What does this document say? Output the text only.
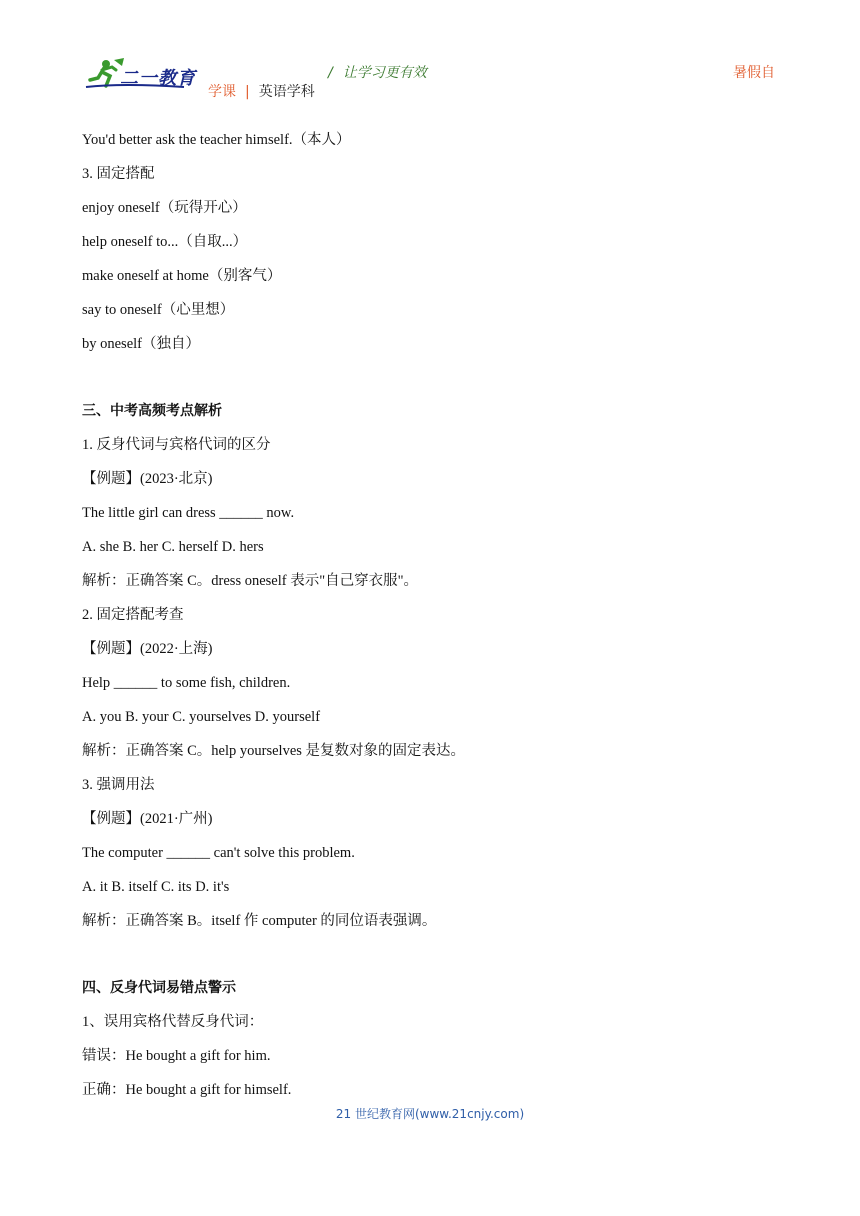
二一教育	/ 让学习更有效
学课 | 英语学科
暑假自
You'd better ask the teacher himself.（本人）
3. 固定搭配
enjoy oneself（玩得开心）
help oneself to...（自取...）
make oneself at home（别客气）
say to oneself（心里想）
by oneself（独自）
三、中考高频考点解析
1. 反身代词与宾格代词的区分
【例题】(2023·北京)
The little girl can dress ______ now.
A. she B. her C. herself D. hers
解析：正确答案 C。dress oneself 表示"自己穿衣服"。
2. 固定搭配考查
【例题】(2022·上海)
Help ______ to some fish, children.
A. you B. your C. yourselves D. yourself
解析：正确答案 C。help yourselves 是复数对象的固定表达。
3. 强调用法
【例题】(2021·广州)
The computer ______ can't solve this problem.
A. it B. itself C. its D. it's
解析：正确答案 B。itself 作 computer 的同位语表强调。
四、反身代词易错点警示
1、误用宾格代替反身代词：
错误：He bought a gift for him.
正确：He bought a gift for himself.
21 世纪教育网(www.21cnjy.com)
